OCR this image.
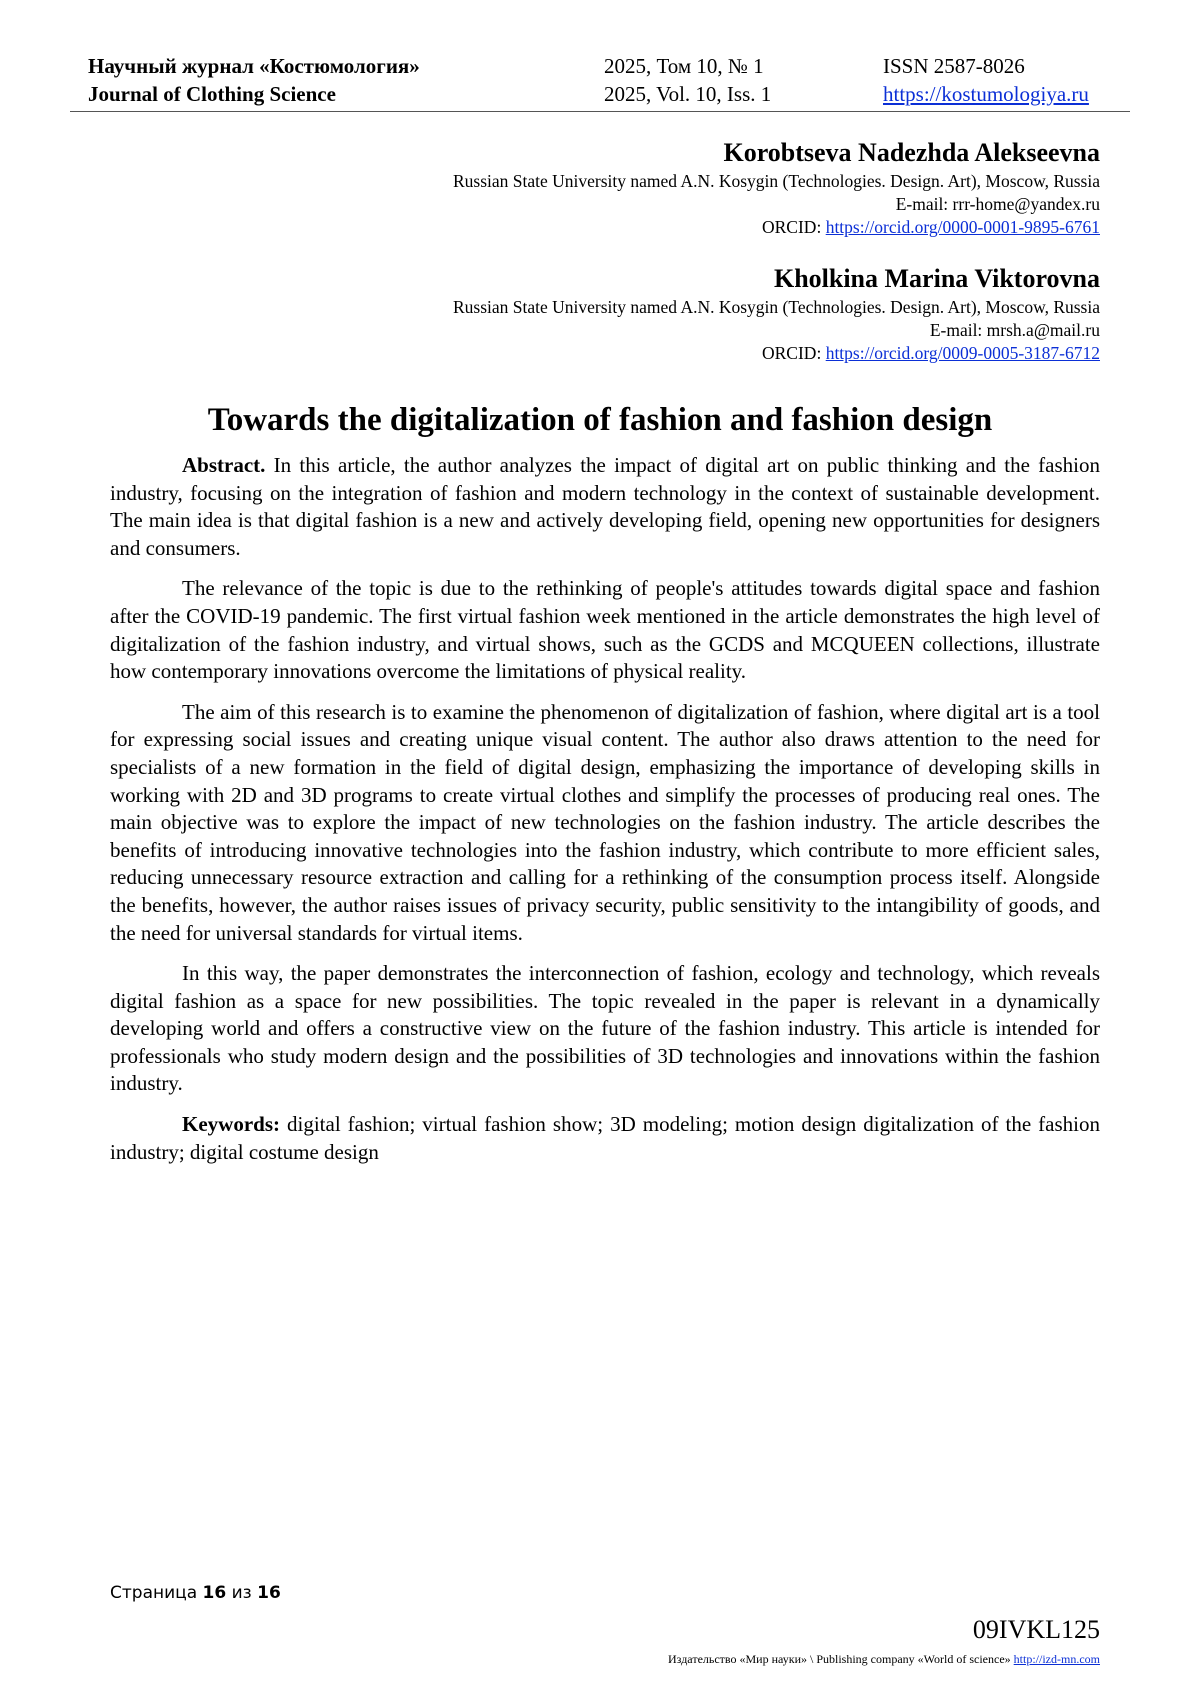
Научный журнал «Костюмология»
Journal of Clothing Science
2025, Том 10, № 1
2025, Vol. 10, Iss. 1
ISSN 2587-8026
https://kostumologiya.ru
Korobtseva Nadezhda Alekseevna
Russian State University named A.N. Kosygin (Technologies. Design. Art), Moscow, Russia
E-mail: rrr-home@yandex.ru
ORCID: https://orcid.org/0000-0001-9895-6761
Kholkina Marina Viktorovna
Russian State University named A.N. Kosygin (Technologies. Design. Art), Moscow, Russia
E-mail: mrsh.a@mail.ru
ORCID: https://orcid.org/0009-0005-3187-6712
Towards the digitalization of fashion and fashion design

Abstract. In this article, the author analyzes the impact of digital art on public thinking and the fashion industry, focusing on the integration of fashion and modern technology in the context of sustainable development. The main idea is that digital fashion is a new and actively developing field, opening new opportunities for designers and consumers.

The relevance of the topic is due to the rethinking of people's attitudes towards digital space and fashion after the COVID-19 pandemic. The first virtual fashion week mentioned in the article demonstrates the high level of digitalization of the fashion industry, and virtual shows, such as the GCDS and MCQUEEN collections, illustrate how contemporary innovations overcome the limitations of physical reality.

The aim of this research is to examine the phenomenon of digitalization of fashion, where digital art is a tool for expressing social issues and creating unique visual content. The author also draws attention to the need for specialists of a new formation in the field of digital design, emphasizing the importance of developing skills in working with 2D and 3D programs to create virtual clothes and simplify the processes of producing real ones. The main objective was to explore the impact of new technologies on the fashion industry. The article describes the benefits of introducing innovative technologies into the fashion industry, which contribute to more efficient sales, reducing unnecessary resource extraction and calling for a rethinking of the consumption process itself. Alongside the benefits, however, the author raises issues of privacy security, public sensitivity to the intangibility of goods, and the need for universal standards for virtual items.

In this way, the paper demonstrates the interconnection of fashion, ecology and technology, which reveals digital fashion as a space for new possibilities. The topic revealed in the paper is relevant in a dynamically developing world and offers a constructive view on the future of the fashion industry. This article is intended for professionals who study modern design and the possibilities of 3D technologies and innovations within the fashion industry.

Keywords: digital fashion; virtual fashion show; 3D modeling; motion design digitalization of the fashion industry; digital costume design

Страница 16 из 16
09IVKL125
Издательство «Мир науки» \ Publishing company «World of science» http://izd-mn.com
